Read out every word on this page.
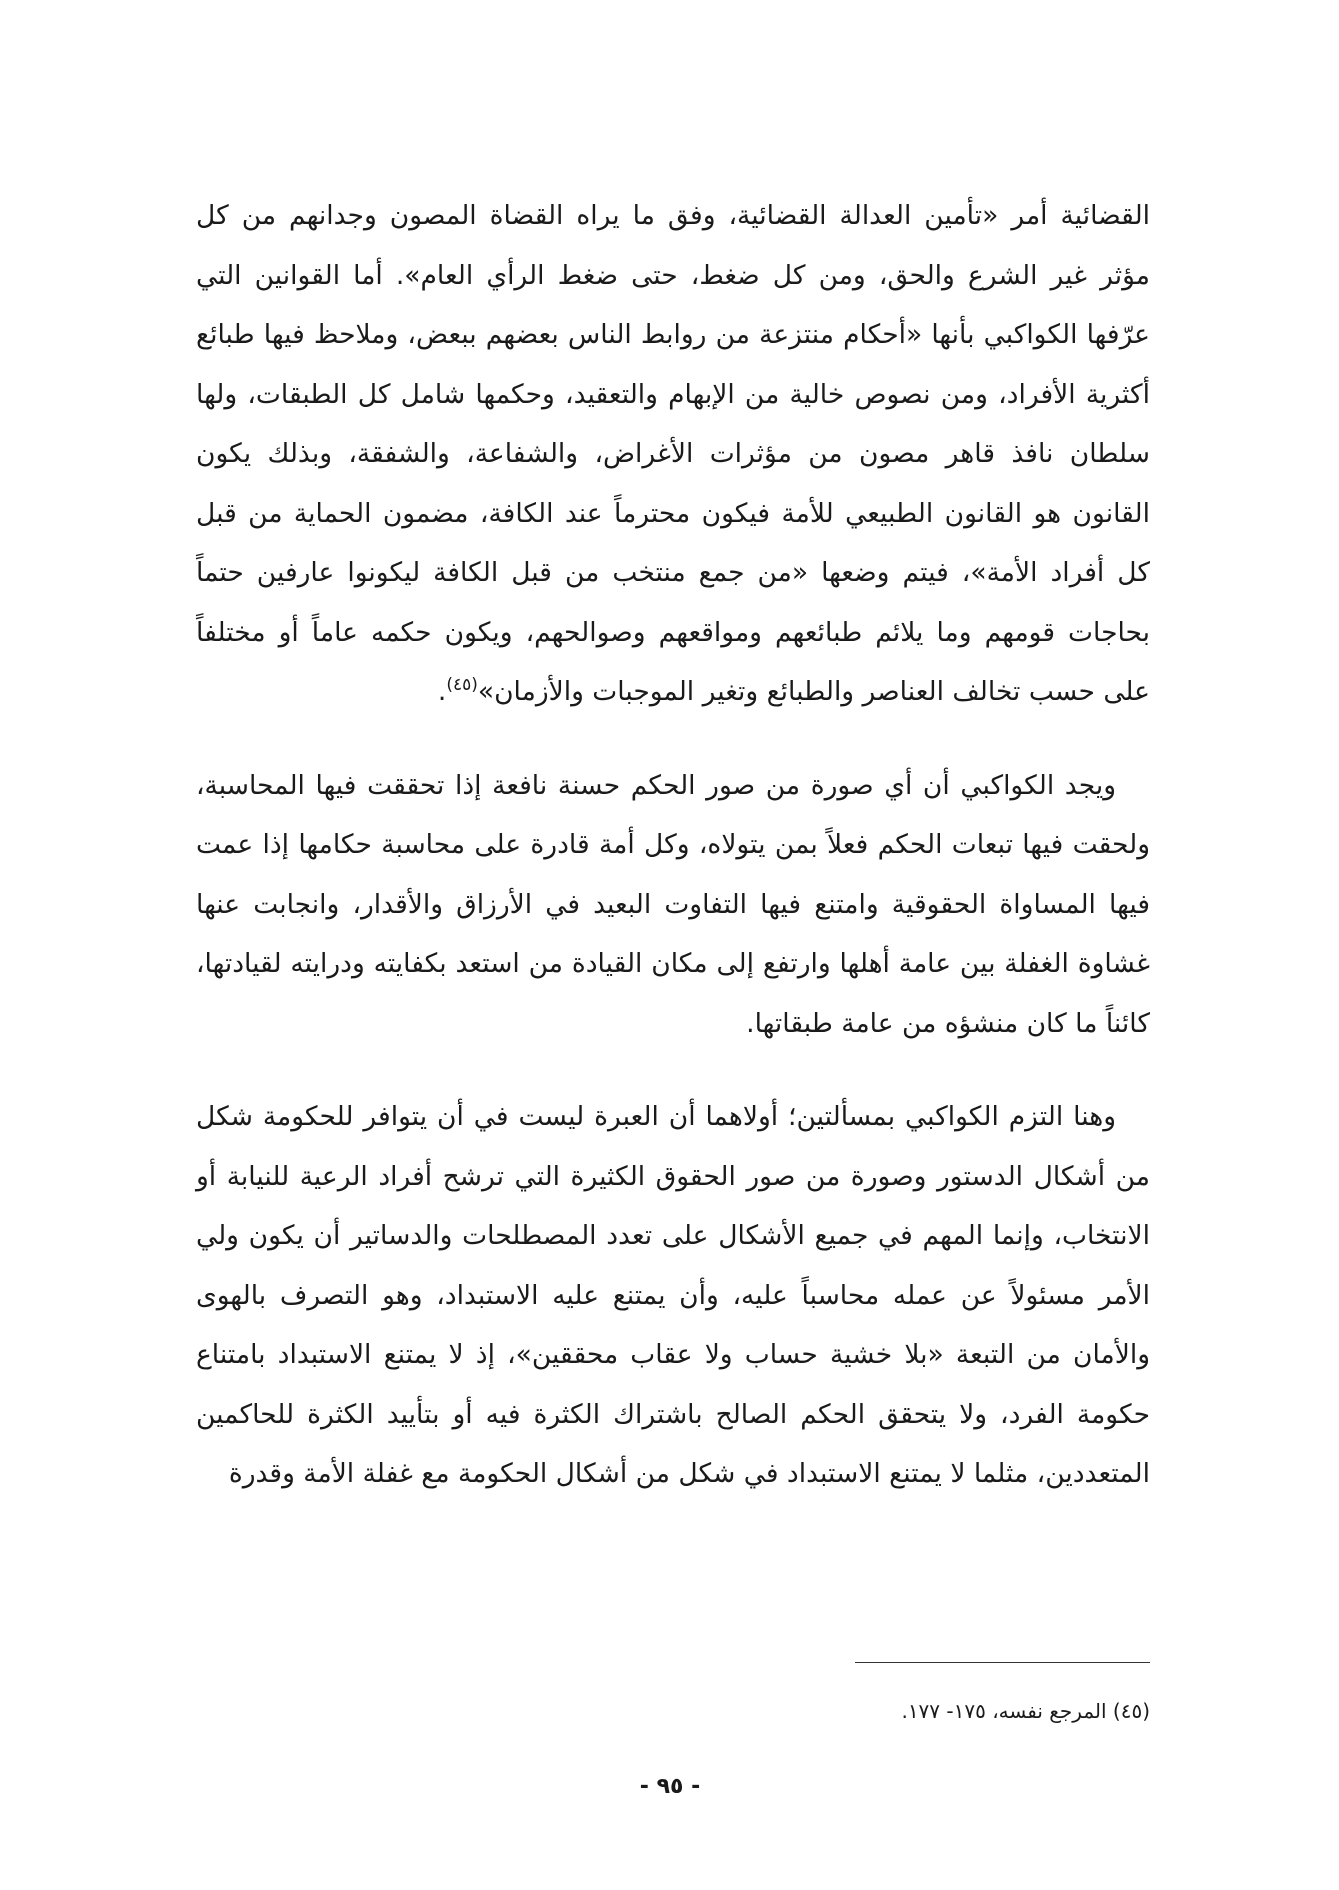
القضائية أمر «تأمين العدالة القضائية، وفق ما يراه القضاة المصون وجدانهم من كل مؤثر غير الشرع والحق، ومن كل ضغط، حتى ضغط الرأي العام». أما القوانين التي عرّفها الكواكبي بأنها «أحكام منتزعة من روابط الناس بعضهم ببعض، وملاحظ فيها طبائع أكثرية الأفراد، ومن نصوص خالية من الإبهام والتعقيد، وحكمها شامل كل الطبقات، ولها سلطان نافذ قاهر مصون من مؤثرات الأغراض، والشفاعة، والشفقة، وبذلك يكون القانون هو القانون الطبيعي للأمة فيكون محترماً عند الكافة، مضمون الحماية من قبل كل أفراد الأمة»، فيتم وضعها «من جمع منتخب من قبل الكافة ليكونوا عارفين حتماً بحاجات قومهم وما يلائم طبائعهم ومواقعهم وصوالحهم، ويكون حكمه عاماً أو مختلفاً على حسب تخالف العناصر والطبائع وتغير الموجبات والأزمان»$^{(٤٥)}$.

ويجد الكواكبي أن أي صورة من صور الحكم حسنة نافعة إذا تحققت فيها المحاسبة، ولحقت فيها تبعات الحكم فعلاً بمن يتولاه، وكل أمة قادرة على محاسبة حكامها إذا عمت فيها المساواة الحقوقية وامتنع فيها التفاوت البعيد في الأرزاق والأقدار، وانجابت عنها غشاوة الغفلة بين عامة أهلها وارتفع إلى مكان القيادة من استعد بكفايته ودرايته لقيادتها، كائناً ما كان منشؤه من عامة طبقاتها.

وهنا التزم الكواكبي بمسألتين؛ أولاهما أن العبرة ليست في أن يتوافر للحكومة شكل من أشكال الدستور وصورة من صور الحقوق الكثيرة التي ترشح أفراد الرعية للنيابة أو الانتخاب، وإنما المهم في جميع الأشكال على تعدد المصطلحات والدساتير أن يكون ولي الأمر مسئولاً عن عمله محاسباً عليه، وأن يمتنع عليه الاستبداد، وهو التصرف بالهوى والأمان من التبعة «بلا خشية حساب ولا عقاب محققين»، إذ لا يمتنع الاستبداد بامتناع حكومة الفرد، ولا يتحقق الحكم الصالح باشتراك الكثرة فيه أو بتأييد الكثرة للحاكمين المتعددين، مثلما لا يمتنع الاستبداد في شكل من أشكال الحكومة مع غفلة الأمة وقدرة

(٤٥) المرجع نفسه، ١٧٥- ١٧٧.
- ٩٥ -
